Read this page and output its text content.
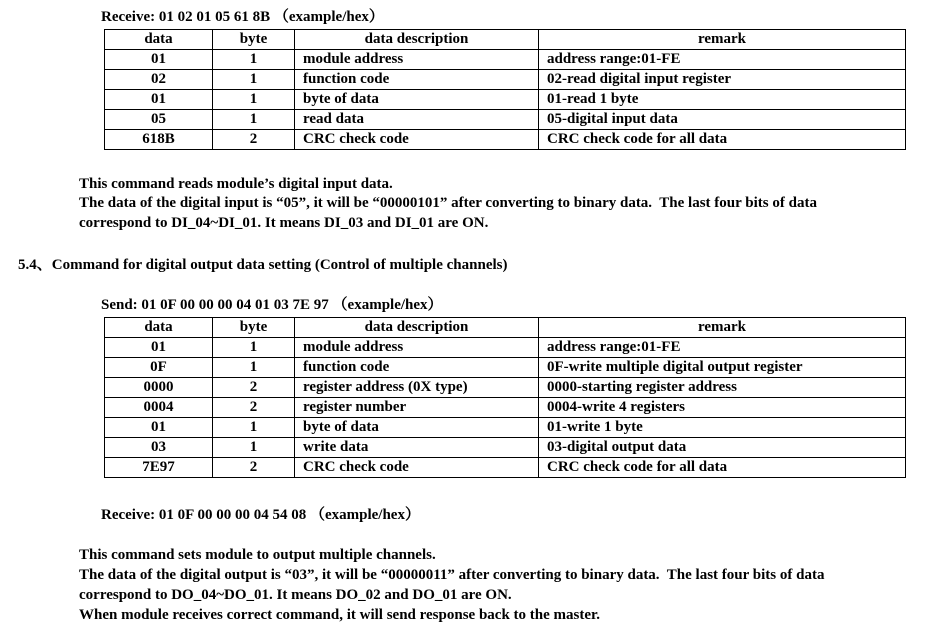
Receive: 01 02 01 05 61 8B （example/hex）
data	byte	data description	remark
01	1	module address	address range:01-FE
02	1	function code	02-read digital input register
01	1	byte of data	01-read 1 byte
05	1	read data	05-digital input data
618B	2	CRC check code	CRC check code for all data
This command reads module’s digital input data.
The data of the digital input is “05”, it will be “00000101” after converting to binary data.  The last four bits of data
correspond to DI_04~DI_01. It means DI_03 and DI_01 are ON.
5.4、Command for digital output data setting (Control of multiple channels)
Send: 01 0F 00 00 00 04 01 03 7E 97 （example/hex）
data	byte	data description	remark
01	1	module address	address range:01-FE
0F	1	function code	0F-write multiple digital output register
0000	2	register address (0X type)	0000-starting register address
0004	2	register number	0004-write 4 registers
01	1	byte of data	01-write 1 byte
03	1	write data	03-digital output data
7E97	2	CRC check code	CRC check code for all data
Receive: 01 0F 00 00 00 04 54 08 （example/hex）
This command sets module to output multiple channels.
The data of the digital output is “03”, it will be “00000011” after converting to binary data.  The last four bits of data
correspond to DO_04~DO_01. It means DO_02 and DO_01 are ON.
When module receives correct command, it will send response back to the master.
